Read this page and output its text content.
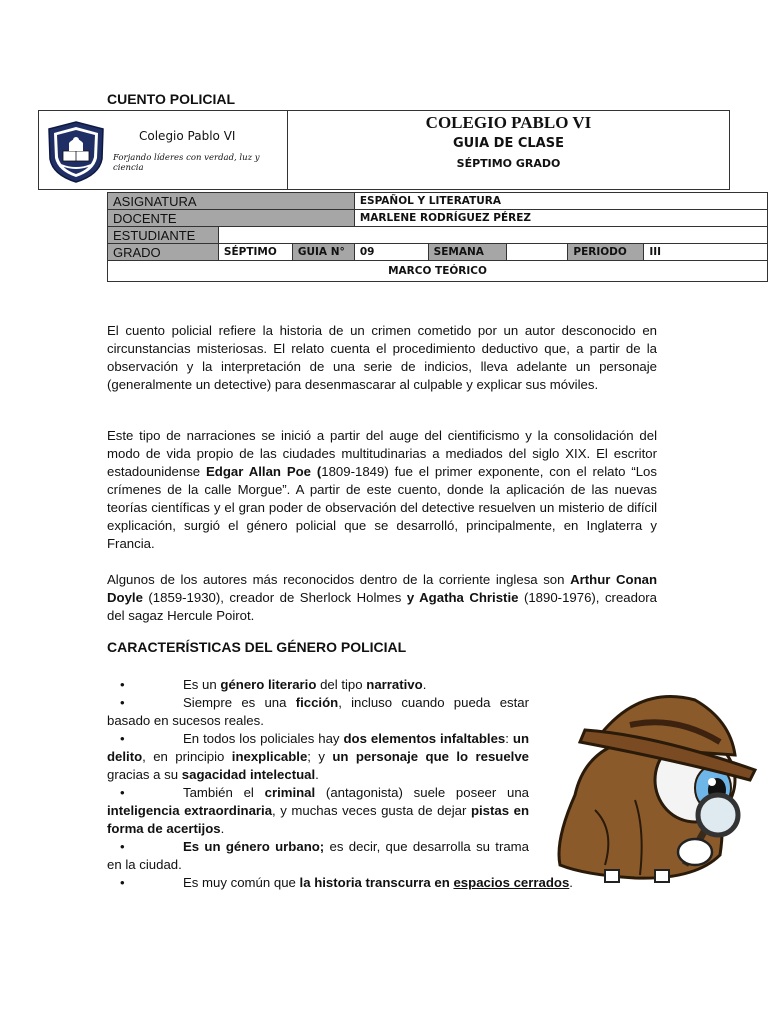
CUENTO POLICIAL
Colegio Pablo VI
Forjando líderes con verdad, luz y ciencia
COLEGIO PABLO VI
GUIA DE CLASE
SÉPTIMO GRADO
ASIGNATURA			ESPAÑOL Y LITERATURA				
DOCENTE			MARLENE RODRÍGUEZ PÉREZ				
ESTUDIANTE							
GRADO	SÉPTIMO	GUIA N°	09	SEMANA		PERIODO	III
MARCO TEÓRICO							
El cuento policial refiere la historia de un crimen cometido por un autor desconocido en circunstancias misteriosas. El relato cuenta el procedimiento deductivo que, a partir de la observación y la interpretación de una serie de indicios, lleva adelante un personaje (generalmente un detective) para desenmascarar al culpable y explicar sus móviles.
Este tipo de narraciones se inició a partir del auge del cientificismo y la consolidación del modo de vida propio de las ciudades multitudinarias a mediados del siglo XIX. El escritor estadounidense Edgar Allan Poe (1809-1849) fue el primer exponente, con el relato “Los crímenes de la calle Morgue”. A partir de este cuento, donde la aplicación de las nuevas teorías científicas y el gran poder de observación del detective resuelven un misterio de difícil explicación, surgió el género policial que se desarrolló, principalmente, en Inglaterra y Francia.
Algunos de los autores más reconocidos dentro de la corriente inglesa son Arthur Conan Doyle (1859-1930), creador de Sherlock Holmes y Agatha Christie (1890-1976), creadora del sagaz Hercule Poirot.
CARACTERÍSTICAS DEL GÉNERO POLICIAL
•	Es un género literario del tipo narrativo.
•	Siempre es una ficción, incluso cuando pueda estar basado en sucesos reales.
•	En todos los policiales hay dos elementos infaltables: un delito, en principio inexplicable; y un personaje que lo resuelve gracias a su sagacidad intelectual.
•	También el criminal (antagonista) suele poseer una inteligencia extraordinaria, y muchas veces gusta de dejar pistas en forma de acertijos.
•	Es un género urbano; es decir, que desarrolla su trama en la ciudad.
•	Es muy común que la historia transcurra en espacios cerrados.
